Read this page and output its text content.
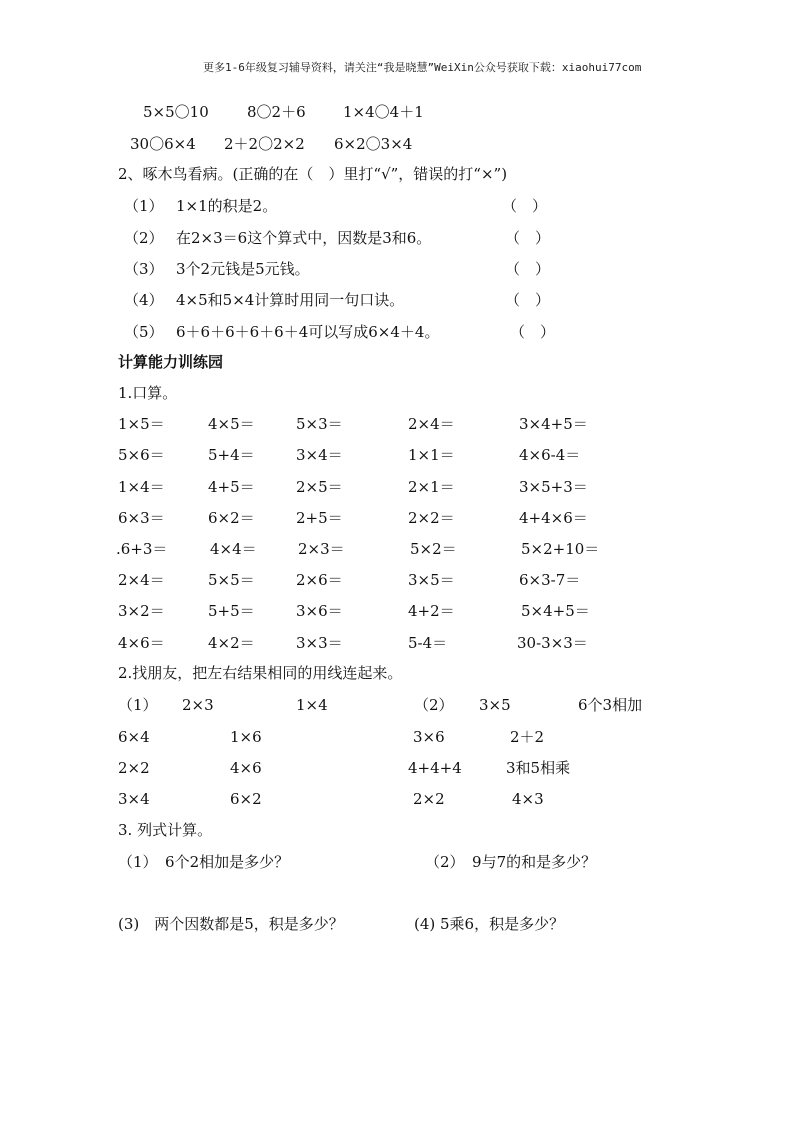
更多1-6年级复习辅导资料，请关注“我是晓慧”WeiXin公众号获取下载：xiaohui77com
5×5〇10	8〇2＋6 1×4〇4＋1
30〇6×4 2＋2〇2×2 6×2〇3×4
2、啄木鸟看病。(正确的在（　）里打“√”，错误的打“×”)
（1） 1×1的积是2。	（　）
（2） 在2×3＝6这个算式中，因数是3和6。	（　）
（3） 3个2元钱是5元钱。	（　）
（4） 4×5和5×4计算时用同一句口诀。	（　）
（5） 6＋6＋6＋6＋6＋4可以写成6×4＋4。	（　）
计算能力训练园
1.口算。
1×5＝	4×5＝	5×3＝	2×4＝	3×4+5＝
5×6＝	5+4＝	3×4＝	1×1＝	4×6-4＝
1×4＝	4+5＝	2×5＝	2×1＝	3×5+3＝
6×3＝	6×2＝	2+5＝	2×2＝	4+4×6＝
.6+3＝	4×4＝	2×3＝	5×2＝	5×2+10＝
2×4＝	5×5＝	2×6＝	3×5＝	6×3-7＝
3×2＝	5+5＝	3×6＝	4+2＝	5×4+5＝
4×6＝	4×2＝	3×3＝	5-4＝	30-3×3＝
2.找朋友，把左右结果相同的用线连起来。
（1） 2×3	1×4	（2） 3×5	6个3相加
6×4	1×6	3×6	2＋2
2×2	4×6	4+4+4	3和5相乘
3×4	6×2	2×2	4×3
3. 列式计算。
（1）　6个2相加是多少？	（2）　9与7的和是多少？
(3)　两个因数都是5，积是多少？	(4) 5乘6，积是多少？
